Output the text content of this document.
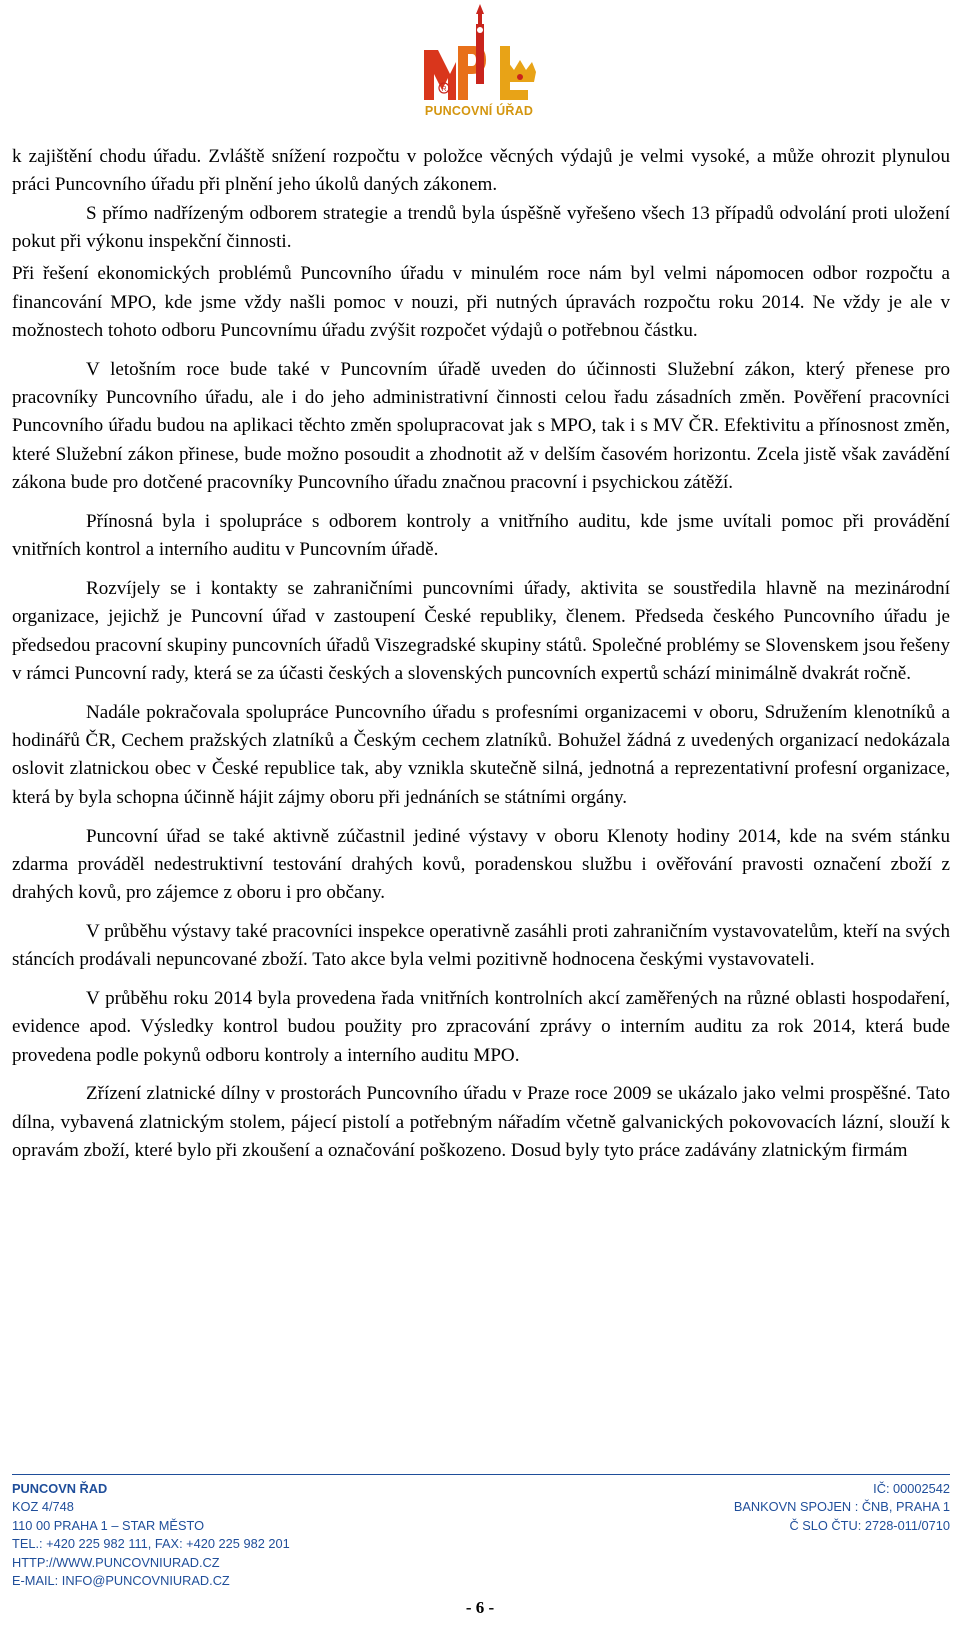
R
PUNCOVNÍ ÚŘAD

k zajištění chodu úřadu. Zvláště snížení rozpočtu v položce věcných výdajů je velmi vysoké, a může ohrozit plynulou práci Puncovního úřadu při plnění jeho úkolů daných zákonem.

S přímo nadřízeným odborem strategie a trendů byla úspěšně vyřešeno všech 13 případů odvolání proti uložení pokut při výkonu inspekční činnosti.

Při řešení ekonomických problémů Puncovního úřadu v minulém roce nám byl velmi nápomocen odbor rozpočtu a financování MPO, kde jsme vždy našli pomoc v nouzi, při nutných úpravách rozpočtu roku 2014. Ne vždy je ale v možnostech tohoto odboru Puncovnímu úřadu zvýšit rozpočet výdajů o potřebnou částku.

V letošním roce bude také v Puncovním úřadě uveden do účinnosti Služební zákon, který přenese pro pracovníky Puncovního úřadu, ale i do jeho administrativní činnosti celou řadu zásadních změn. Pověření pracovníci Puncovního úřadu budou na aplikaci těchto změn spolupracovat jak s MPO, tak i s MV ČR. Efektivitu a přínosnost změn, které Služební zákon přinese, bude možno posoudit a zhodnotit až v delším časovém horizontu. Zcela jistě však zavádění zákona bude pro dotčené pracovníky Puncovního úřadu značnou pracovní i psychickou zátěží.

Přínosná byla i spolupráce s odborem kontroly a vnitřního auditu, kde jsme uvítali pomoc při provádění vnitřních kontrol a interního auditu v Puncovním úřadě.

Rozvíjely se i kontakty se zahraničními puncovními úřady, aktivita se soustředila hlavně na mezinárodní organizace, jejichž je Puncovní úřad v zastoupení České republiky, členem. Předseda českého Puncovního úřadu je předsedou pracovní skupiny puncovních úřadů Viszegradské skupiny států. Společné problémy se Slovenskem jsou řešeny v rámci Puncovní rady, která se za účasti českých a slovenských puncovních expertů schází minimálně dvakrát ročně.

Nadále pokračovala spolupráce Puncovního úřadu s profesními organizacemi v oboru, Sdružením klenotníků a hodinářů ČR, Cechem pražských zlatníků a Českým cechem zlatníků. Bohužel žádná z uvedených organizací nedokázala oslovit zlatnickou obec v České republice tak, aby vznikla skutečně silná, jednotná a reprezentativní profesní organizace, která by byla schopna účinně hájit zájmy oboru při jednáních se státními orgány.

Puncovní úřad se také aktivně zúčastnil jediné výstavy v oboru Klenoty hodiny 2014, kde na svém stánku zdarma prováděl nedestruktivní testování drahých kovů, poradenskou službu i ověřování pravosti označení zboží z drahých kovů, pro zájemce z oboru i pro občany.

V průběhu výstavy také pracovníci inspekce operativně zasáhli proti zahraničním vystavovatelům, kteří na svých stáncích prodávali nepuncované zboží. Tato akce byla velmi pozitivně hodnocena českými vystavovateli.

V průběhu roku 2014 byla provedena řada vnitřních kontrolních akcí zaměřených na různé oblasti hospodaření, evidence apod. Výsledky kontrol budou použity pro zpracování zprávy o interním auditu za rok 2014, která bude provedena podle pokynů odboru kontroly a interního auditu MPO.

Zřízení zlatnické dílny v prostorách Puncovního úřadu v Praze roce 2009 se ukázalo jako velmi prospěšné. Tato dílna, vybavená zlatnickým stolem, pájecí pistolí a potřebným nářadím včetně galvanických pokovovacích lázní, slouží k opravám zboží, které bylo při zkoušení a označování poškozeno. Dosud byly tyto práce zadávány zlatnickým firmám

PUNCOVN ŘAD
KOZ 4/748
110 00 PRAHA 1 – STAR MĚSTO
TEL.: +420 225 982 111, FAX: +420 225 982 201
HTTP://WWW.PUNCOVNIURAD.CZ
E-MAIL: INFO@PUNCOVNIURAD.CZ
IČ: 00002542
BANKOVN SPOJEN : ČNB, PRAHA 1
Č SLO ČTU: 2728-011/0710
- 6 -
